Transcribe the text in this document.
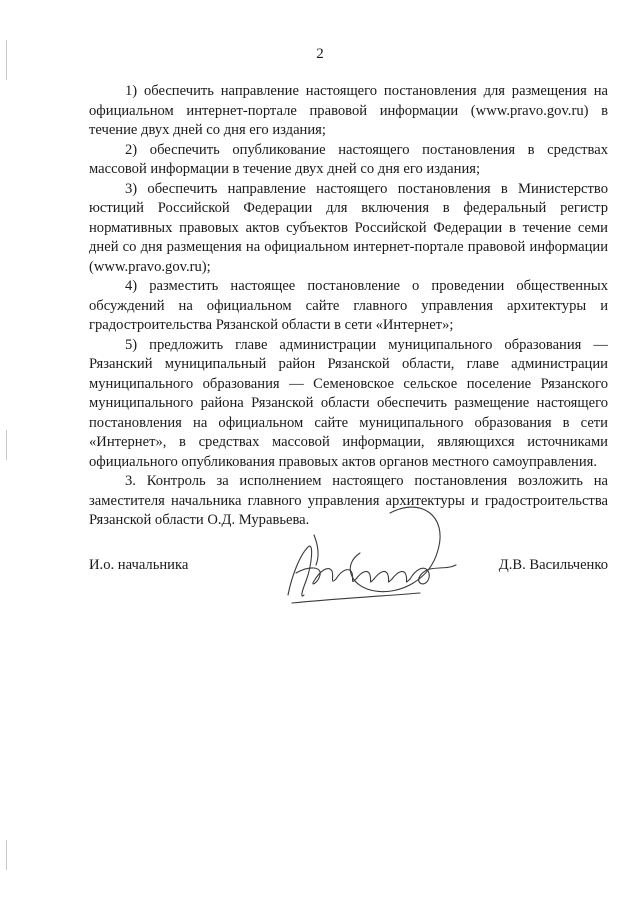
2

1) обеспечить направление настоящего постановления для размещения на официальном интернет-портале правовой информации (www.pravo.gov.ru) в течение двух дней со дня его издания;

2) обеспечить опубликование настоящего постановления в средствах массовой информации в течение двух дней со дня его издания;

3) обеспечить направление настоящего постановления в Министерство юстиций Российской Федерации для включения в федеральный регистр нормативных правовых актов субъектов Российской Федерации в течение семи дней со дня размещения на официальном интернет-портале правовой информации (www.pravo.gov.ru);

4) разместить настоящее постановление о проведении общественных обсуждений на официальном сайте главного управления архитектуры и градостроительства Рязанской области в сети «Интернет»;

5) предложить главе администрации муниципального образования — Рязанский муниципальный район Рязанской области, главе администрации муниципального образования — Семеновское сельское поселение Рязанского муниципального района Рязанской области обеспечить размещение настоящего постановления на официальном сайте муниципального образования в сети «Интернет», в средствах массовой информации, являющихся источниками официального опубликования правовых актов органов местного самоуправления.

3. Контроль за исполнением настоящего постановления возложить на заместителя начальника главного управления архитектуры и градостроительства Рязанской области О.Д. Муравьева.

И.о. начальника	Д.В. Васильченко
